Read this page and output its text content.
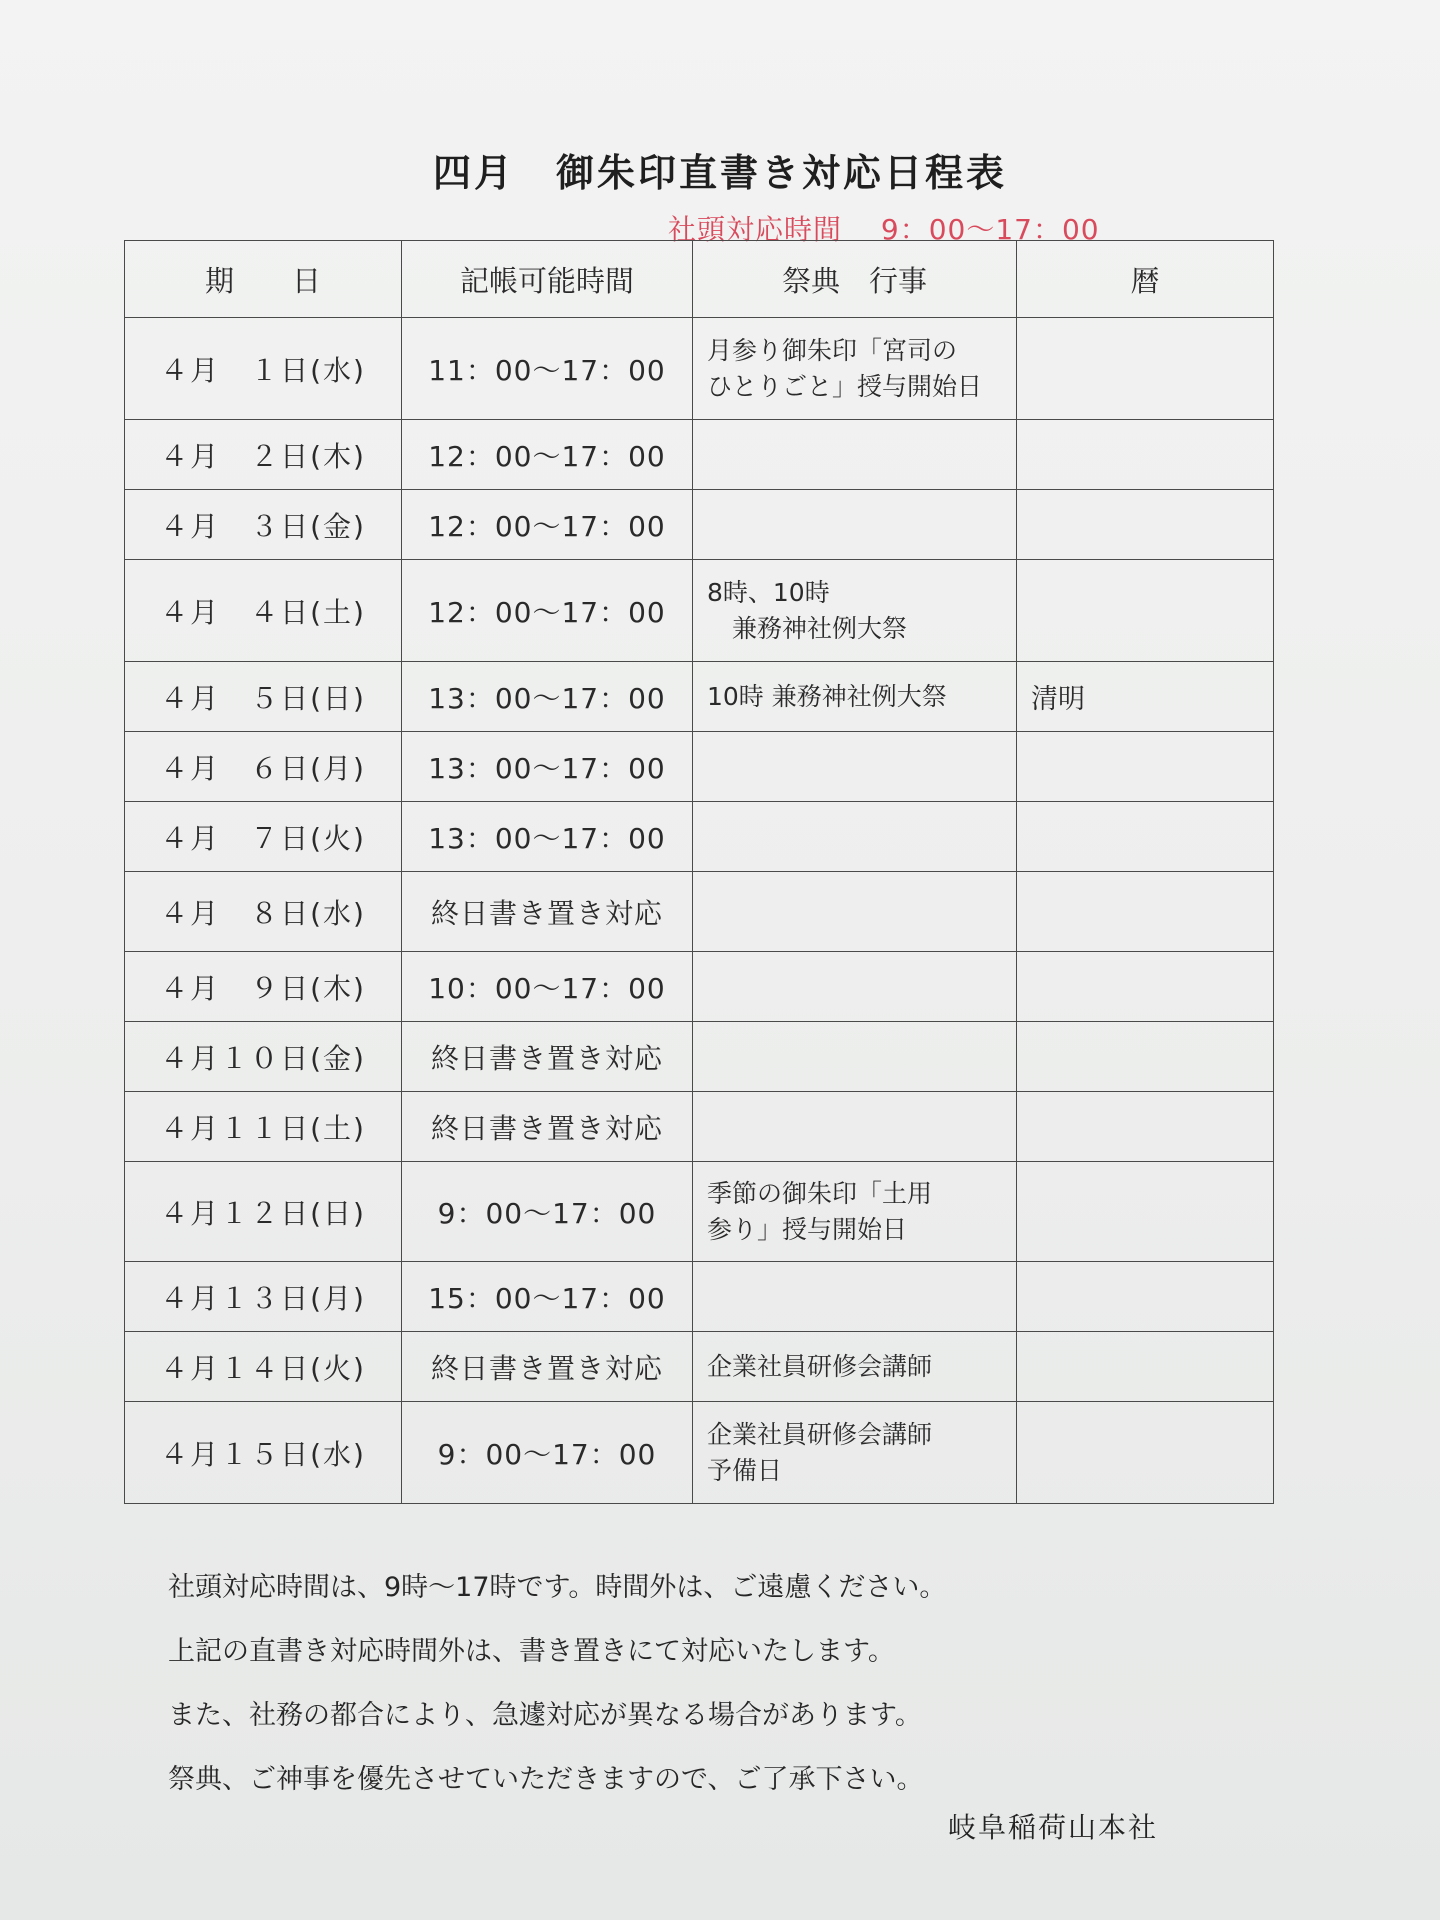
四月　御朱印直書き対応日程表
社頭対応時間　 9：00～17：00
期　　日	記帳可能時間	祭典　行事	暦
４月　１日(水)	11：00～17：00	月参り御朱印「宮司の
ひとりごと」授与開始日	
４月　２日(木)	12：00～17：00		
４月　３日(金)	12：00～17：00		
４月　４日(土)	12：00～17：00	8時、10時
　兼務神社例大祭	
４月　５日(日)	13：00～17：00	10時 兼務神社例大祭	清明
４月　６日(月)	13：00～17：00		
４月　７日(火)	13：00～17：00		
４月　８日(水)	終日書き置き対応		
４月　９日(木)	10：00～17：00		
４月１０日(金)	終日書き置き対応		
４月１１日(土)	終日書き置き対応		
４月１２日(日)	9：00～17：00	季節の御朱印「土用
参り」授与開始日	
４月１３日(月)	15：00～17：00		
４月１４日(火)	終日書き置き対応	企業社員研修会講師	
４月１５日(水)	9：00～17：00	企業社員研修会講師
予備日	
社頭対応時間は、9時～17時です。時間外は、ご遠慮ください。
上記の直書き対応時間外は、書き置きにて対応いたします。
また、社務の都合により、急遽対応が異なる場合があります。
祭典、ご神事を優先させていただきますので、ご了承下さい。
岐阜稲荷山本社
